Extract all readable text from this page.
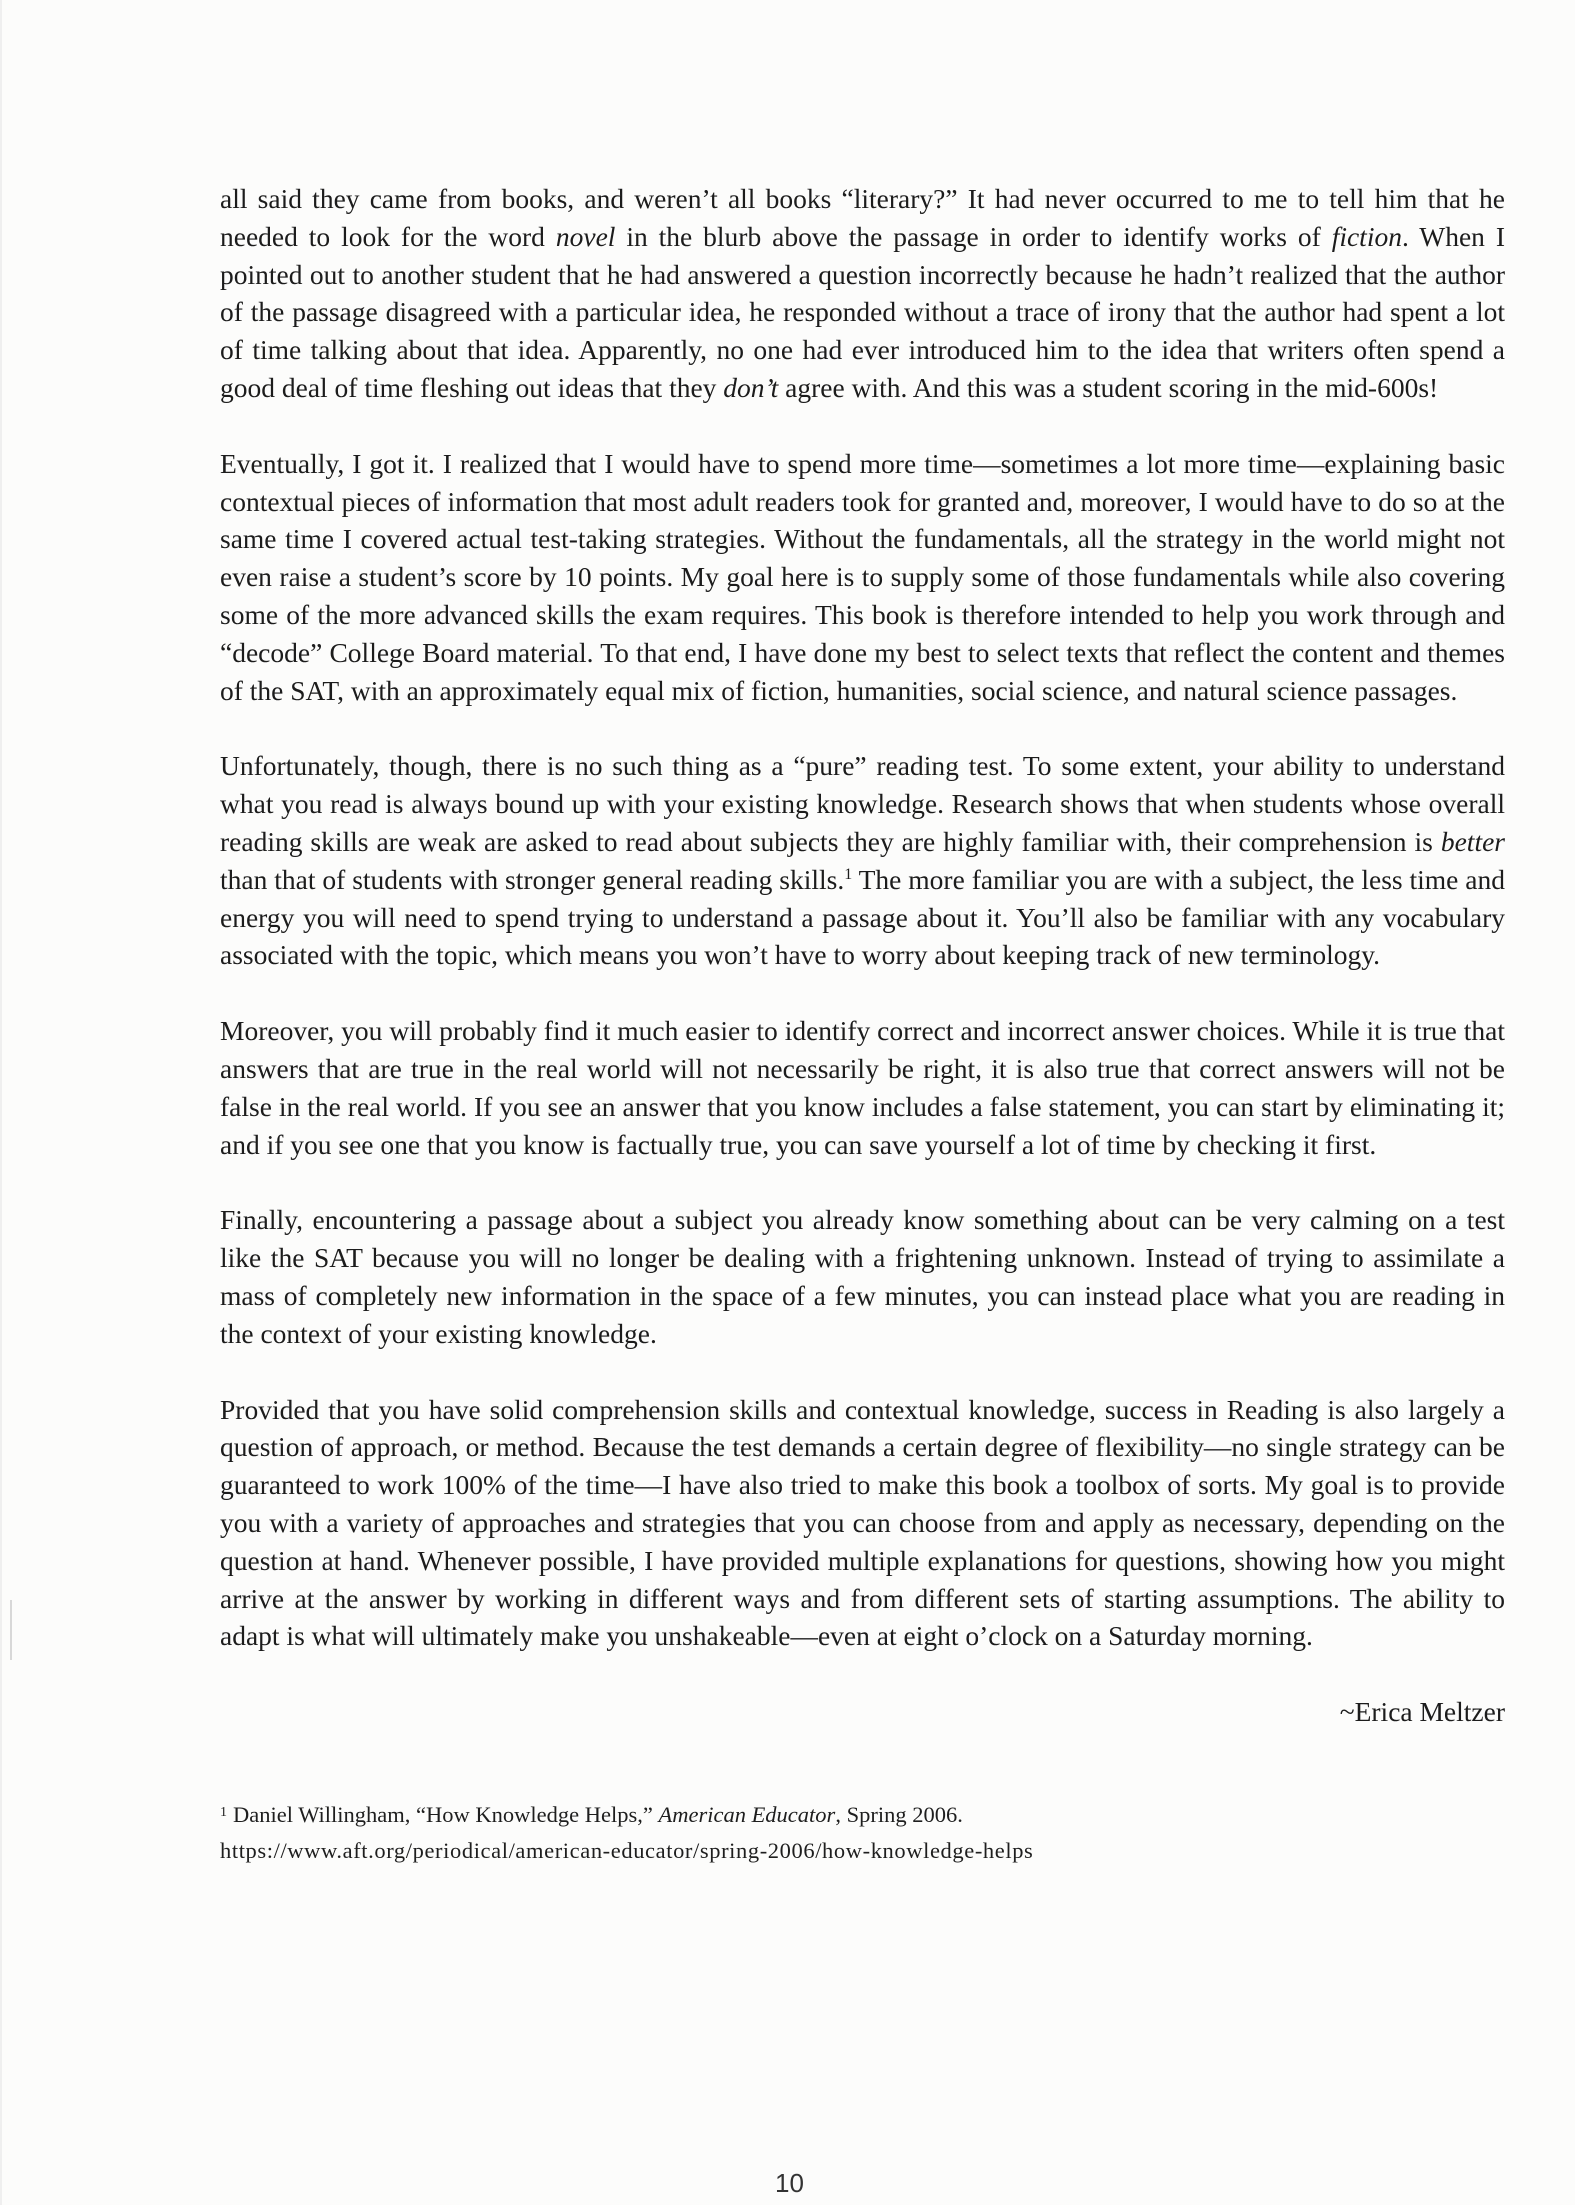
all said they came from books, and weren’t all books “literary?” It had never occurred to me to tell him that he needed to look for the word novel in the blurb above the passage in order to identify works of fiction. When I pointed out to another student that he had answered a question incorrectly because he hadn’t realized that the author of the passage disagreed with a particular idea, he responded without a trace of irony that the author had spent a lot of time talking about that idea. Apparently, no one had ever introduced him to the idea that writers often spend a good deal of time fleshing out ideas that they don’t agree with. And this was a student scoring in the mid-600s!

Eventually, I got it. I realized that I would have to spend more time—sometimes a lot more time—explaining basic contextual pieces of information that most adult readers took for granted and, moreover, I would have to do so at the same time I covered actual test-taking strategies. Without the fundamentals, all the strategy in the world might not even raise a student’s score by 10 points. My goal here is to supply some of those fundamentals while also covering some of the more advanced skills the exam requires. This book is therefore intended to help you work through and “decode” College Board material. To that end, I have done my best to select texts that reflect the content and themes of the SAT, with an approximately equal mix of fiction, humanities, social science, and natural science passages.

Unfortunately, though, there is no such thing as a “pure” reading test. To some extent, your ability to understand what you read is always bound up with your existing knowledge. Research shows that when students whose overall reading skills are weak are asked to read about subjects they are highly familiar with, their comprehension is better than that of students with stronger general reading skills.$^1$ The more familiar you are with a subject, the less time and energy you will need to spend trying to understand a passage about it. You’ll also be familiar with any vocabulary associated with the topic, which means you won’t have to worry about keeping track of new terminology.

Moreover, you will probably find it much easier to identify correct and incorrect answer choices. While it is true that answers that are true in the real world will not necessarily be right, it is also true that correct answers will not be false in the real world. If you see an answer that you know includes a false statement, you can start by eliminating it; and if you see one that you know is factually true, you can save yourself a lot of time by checking it first.

Finally, encountering a passage about a subject you already know something about can be very calming on a test like the SAT because you will no longer be dealing with a frightening unknown. Instead of trying to assimilate a mass of completely new information in the space of a few minutes, you can instead place what you are reading in the context of your existing knowledge.

Provided that you have solid comprehension skills and contextual knowledge, success in Reading is also largely a question of approach, or method. Because the test demands a certain degree of flexibility—no single strategy can be guaranteed to work 100% of the time—I have also tried to make this book a toolbox of sorts. My goal is to provide you with a variety of approaches and strategies that you can choose from and apply as necessary, depending on the question at hand. Whenever possible, I have provided multiple explanations for questions, showing how you might arrive at the answer by working in different ways and from different sets of starting assumptions. The ability to adapt is what will ultimately make you unshakeable—even at eight o’clock on a Saturday morning.

~Erica Meltzer

$^1$ Daniel Willingham, “How Knowledge Helps,” American Educator, Spring 2006.
https://www.aft.org/periodical/american-educator/spring-2006/how-knowledge-helps
10
